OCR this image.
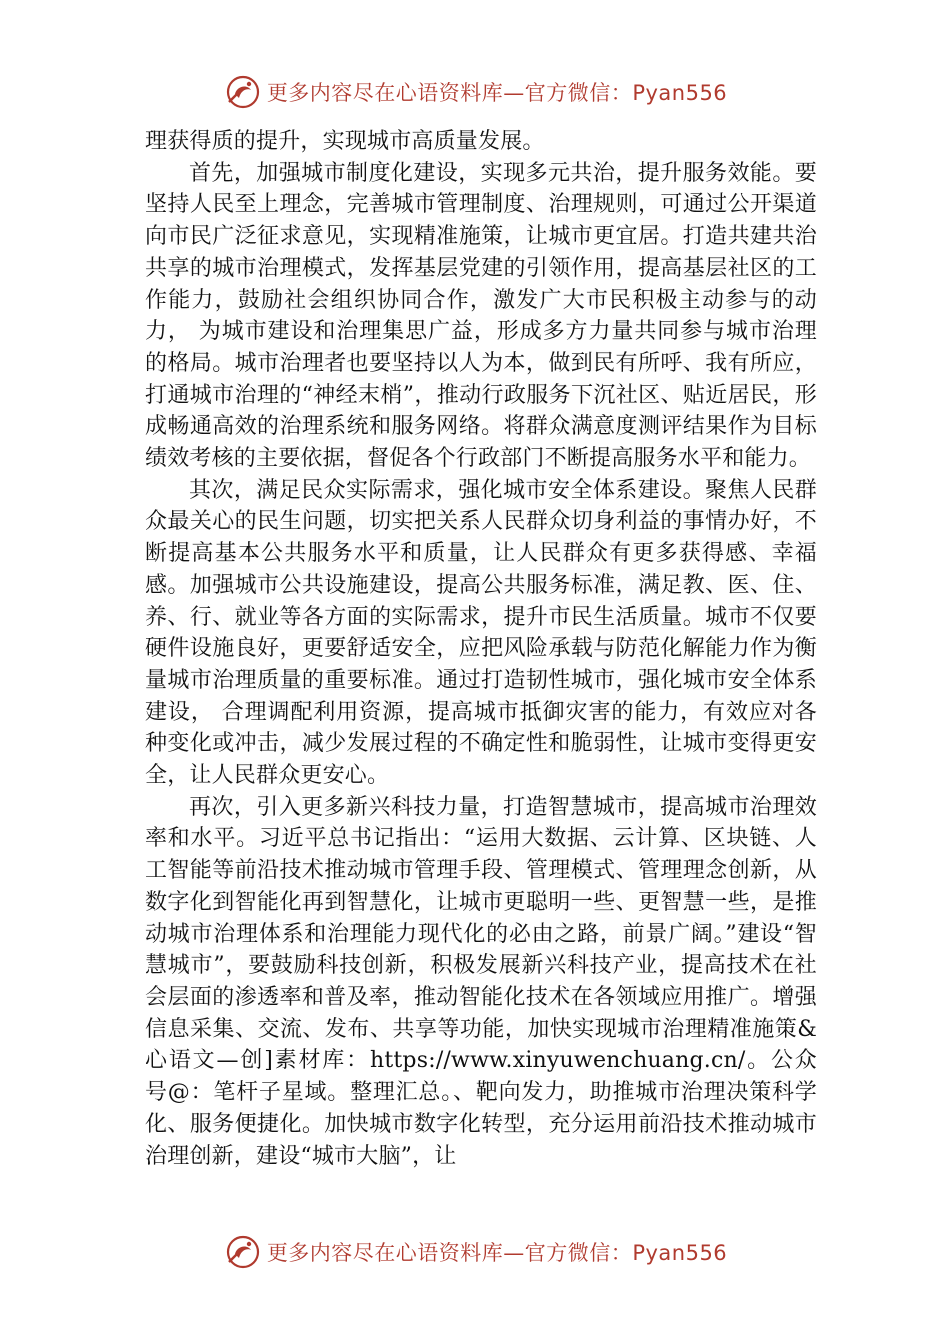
更多内容尽在心语资料库—官方微信：Pyan556

理获得质的提升，实现城市高质量发展。

首先，加强城市制度化建设，实现多元共治，提升服务效能。要坚持人民至上理念，完善城市管理制度、治理规则，可通过公开渠道向市民广泛征求意见，实现精准施策，让城市更宜居。打造共建共治共享的城市治理模式，发挥基层党建的引领作用，提高基层社区的工作能力，鼓励社会组织协同合作，激发广大市民积极主动参与的动力， 为城市建设和治理集思广益，形成多方力量共同参与城市治理的格局。城市治理者也要坚持以人为本，做到民有所呼、我有所应，打通城市治理的“神经末梢”，推动行政服务下沉社区、贴近居民，形成畅通高效的治理系统和服务网络。将群众满意度测评结果作为目标绩效考核的主要依据，督促各个行政部门不断提高服务水平和能力。

其次，满足民众实际需求，强化城市安全体系建设。聚焦人民群众最关心的民生问题，切实把关系人民群众切身利益的事情办好，不断提高基本公共服务水平和质量，让人民群众有更多获得感、幸福感。加强城市公共设施建设，提高公共服务标准，满足教、医、住、养、行、就业等各方面的实际需求，提升市民生活质量。城市不仅要硬件设施良好，更要舒适安全，应把风险承载与防范化解能力作为衡量城市治理质量的重要标准。通过打造韧性城市，强化城市安全体系建设， 合理调配利用资源，提高城市抵御灾害的能力，有效应对各种变化或冲击，减少发展过程的不确定性和脆弱性，让城市变得更安全，让人民群众更安心。

再次，引入更多新兴科技力量，打造智慧城市，提高城市治理效率和水平。习近平总书记指出：“运用大数据、云计算、区块链、人工智能等前沿技术推动城市管理手段、管理模式、管理理念创新，从数字化到智能化再到智慧化，让城市更聪明一些、更智慧一些，是推动城市治理体系和治理能力现代化的必由之路，前景广阔。”建设“智慧城市”，要鼓励科技创新，积极发展新兴科技产业，提高技术在社会层面的渗透率和普及率，推动智能化技术在各领域应用推广。增强信息采集、交流、发布、共享等功能，加快实现城市治理精准施策&心语文—创]素材库：https://www.xinyuwenchuang.cn/。公众号@：笔杆子星域。整理汇总。、靶向发力，助推城市治理决策科学化、服务便捷化。加快城市数字化转型，充分运用前沿技术推动城市治理创新，建设“城市大脑”，让

更多内容尽在心语资料库—官方微信：Pyan556
